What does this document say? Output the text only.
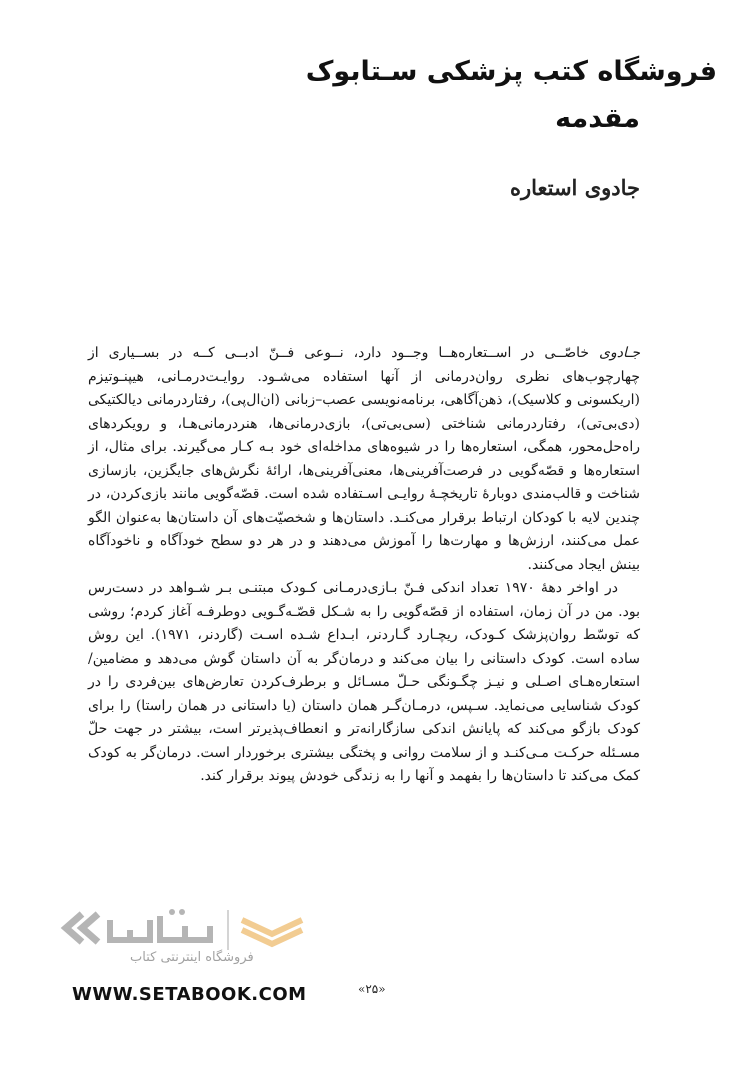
فروشگاه کتب پزشکی سـتابوک
مقدمه
جادوی استعاره

جـادوی خاصّــی در اســتعاره‌هــا وجــود دارد، نــوعی فــنّ ادبــی کــه در بســیاری از چهارچوب‌های نظری روان‌درمانی از آنها استفاده می‌شـود. روایـت‌درمـانی، هیپنـوتیزم (اریکسونی و کلاسیک)، ذهن‌آگاهی، برنامه‌نویسی عصب–زبانی (ان‌ال‌پی)، رفتاردرمانی دیالکتیکی (دی‌بی‌تی)، رفتاردرمانی شناختی (سی‌بی‌تی)، بازی‌درمانی‌ها، هنردرمانی‌هـا، و رویکردهای راه‌حل‌محور، همگی، استعاره‌ها را در شیوه‌های مداخله‌ای خود بـه کـار می‌گیرند. برای مثال، از استعاره‌ها و قصّه‌گویی در فرصت‌آفرینی‌ها، معنی‌آفرینی‌ها، ارائهٔ نگرش‌های جایگزین، بازسازی شناخت و قالب‌مندی دوبارهٔ تاریخچـهٔ روایـی اسـتفاده شده است. قصّه‌گویی مانند بازی‌کردن، در چندین لایه با کودکان ارتباط برقرار می‌کنـد. داستان‌ها و شخصیّت‌های آن داستان‌ها به‌عنوان الگو عمل می‌کنند، ارزش‌ها و مهارت‌ها را آموزش می‌دهند و در هر دو سطح خودآگاه و ناخودآگاه بینش ایجاد می‌کنند.

در اواخر دههٔ ۱۹۷۰ تعداد اندکی فـنّ بـازی‌درمـانی کـودک مبتنـی بـر شـواهد در دست‌رس بود. من در آن زمان، استفاده از قصّه‌گویی را به شـکل قصّـه‌گـویی دوطرفـه آغاز کردم؛ روشی که توسّط روان‌پزشک کـودک، ریچـارد گـاردنر، ابـداع شـده اسـت (گاردنر، ۱۹۷۱). این روش ساده است. کودک داستانی را بیان می‌کند و درمان‌گر به آن داستان گوش می‌دهد و مضامین/ استعاره‌هـای اصـلی و نیـز چگـونگی حـلّ مسـائل و برطرف‌کردن تعارض‌های بین‌فردی را در کودک شناسایی می‌نماید. سـپس، درمـان‌گـر همان داستان (یا داستانی در همان راستا) را برای کودک بازگو می‌کند که پایانش اندکی سازگارانه‌تر و انعطاف‌پذیرتر است، بیشتر در جهت حلّ مسـئله حرکـت مـی‌کنـد و از سلامت روانی و پختگی بیشتری برخوردار است. درمان‌گر به کودک کمک می‌کند تا داستان‌ها را بفهمد و آنها را به زندگی خودش پیوند برقرار کند.

فروشگاه اینترنتی کتاب
WWW.SETABOOK.COM	«۲۵»
